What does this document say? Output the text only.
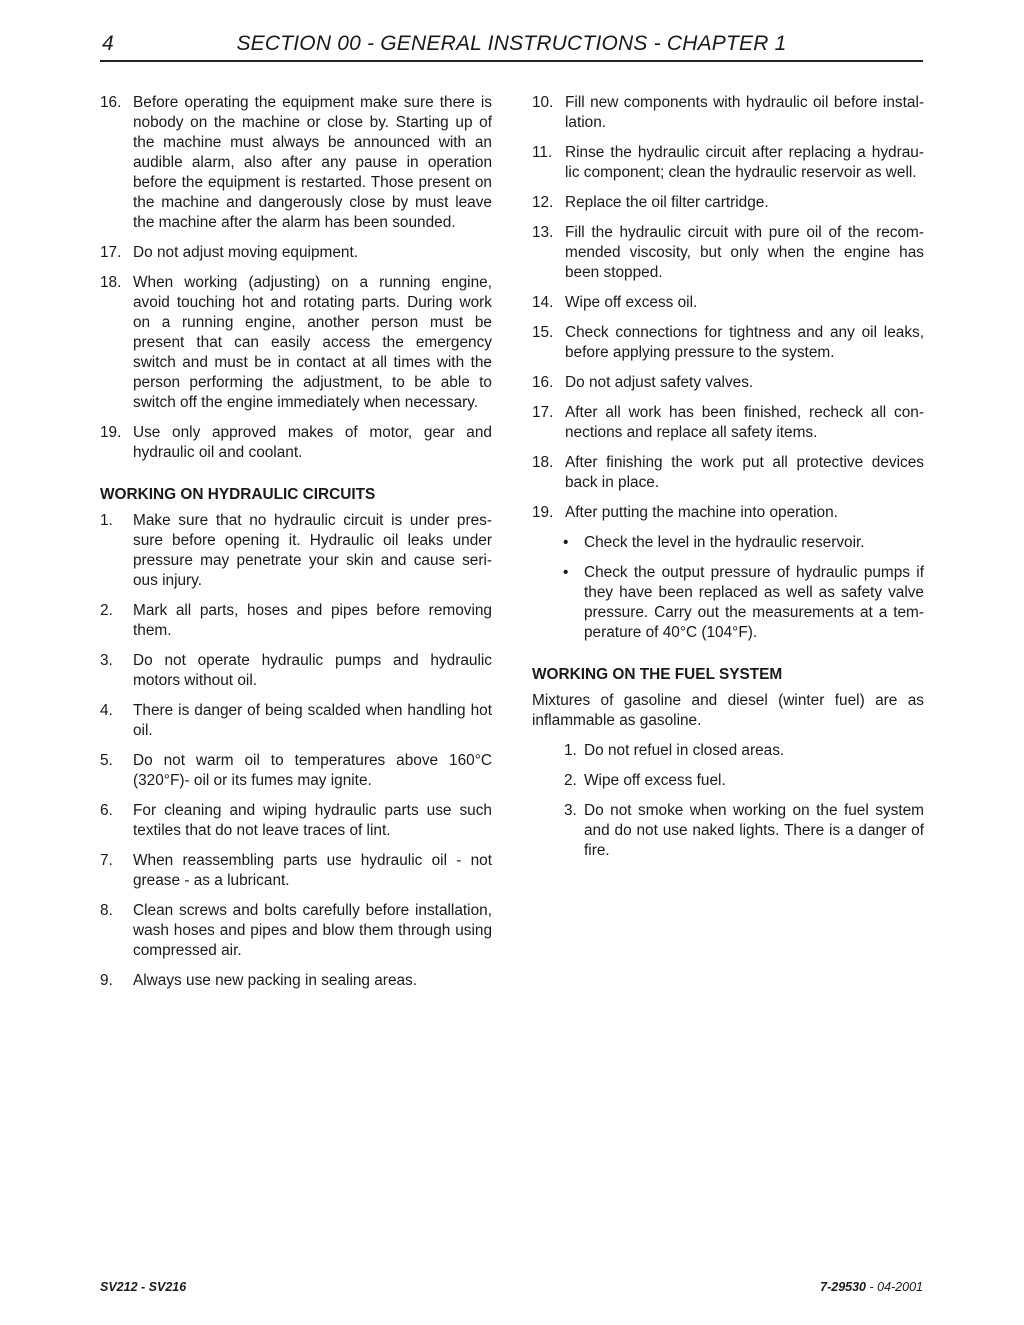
4	SECTION 00 - GENERAL INSTRUCTIONS - CHAPTER 1
16. Before operating the equipment make sure there is nobody on the machine or close by. Starting up of the machine must always be announced with an audible alarm, also after any pause in operation before the equipment is restarted. Those present on the machine and dangerously close by must leave the machine after the alarm has been sounded.
17. Do not adjust moving equipment.
18. When working (adjusting) on a running engine, avoid touching hot and rotating parts. During work on a running engine, another person must be present that can easily access the emergency switch and must be in contact at all times with the person performing the adjustment, to be able to switch off the engine immediately when necessary.
19. Use only approved makes of motor, gear and hydraulic oil and coolant.
WORKING ON HYDRAULIC CIRCUITS
1. Make sure that no hydraulic circuit is under pres- sure before opening it. Hydraulic oil leaks under pressure may penetrate your skin and cause seri- ous injury.
2. Mark all parts, hoses and pipes before removing them.
3. Do not operate hydraulic pumps and hydraulic motors without oil.
4. There is danger of being scalded when handling hot oil.
5. Do not warm oil to temperatures above 160°C (320°F)- oil or its fumes may ignite.
6. For cleaning and wiping hydraulic parts use such textiles that do not leave traces of lint.
7. When reassembling parts use hydraulic oil - not grease - as a lubricant.
8. Clean screws and bolts carefully before installation, wash hoses and pipes and blow them through using compressed air.
9. Always use new packing in sealing areas.
10. Fill new components with hydraulic oil before instal- lation.
11. Rinse the hydraulic circuit after replacing a hydrau- lic component; clean the hydraulic reservoir as well.
12. Replace the oil filter cartridge.
13. Fill the hydraulic circuit with pure oil of the recom- mended viscosity, but only when the engine has been stopped.
14. Wipe off excess oil.
15. Check connections for tightness and any oil leaks, before applying pressure to the system.
16. Do not adjust safety valves.
17. After all work has been finished, recheck all con- nections and replace all safety items.
18. After finishing the work put all protective devices back in place.
19. After putting the machine into operation.
• Check the level in the hydraulic reservoir.
• Check the output pressure of hydraulic pumps if they have been replaced as well as safety valve pressure. Carry out the measurements at a tem- perature of 40°C (104°F).
WORKING ON THE FUEL SYSTEM

Mixtures of gasoline and diesel (winter fuel) are as inflammable as gasoline.

1. Do not refuel in closed areas.
2. Wipe off excess fuel.
3. Do not smoke when working on the fuel system and do not use naked lights. There is a danger of fire.
SV212 - SV216	7-29530 - 04-2001
